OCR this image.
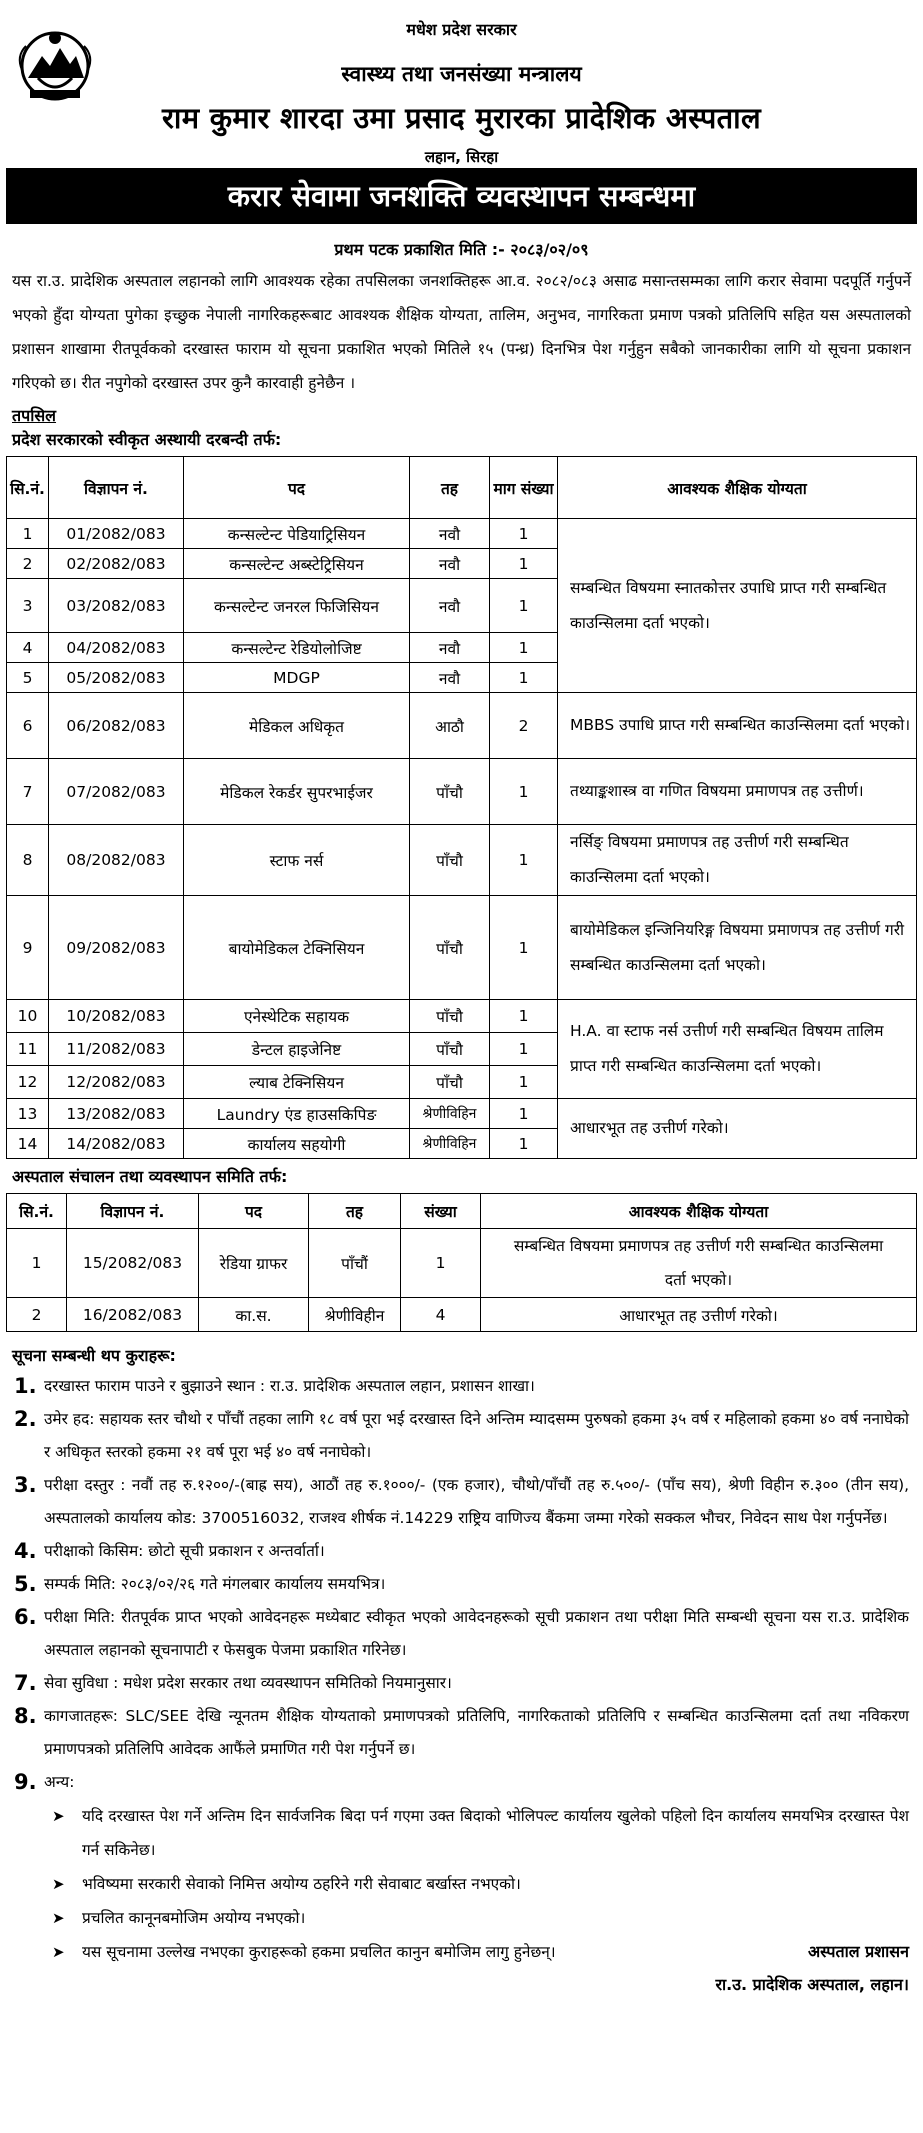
मधेश प्रदेश सरकार
स्वास्थ्य तथा जनसंख्या मन्त्रालय
राम कुमार शारदा उमा प्रसाद मुरारका प्रादेशिक अस्पताल
लहान, सिरहा
करार सेवामा जनशक्ति व्यवस्थापन सम्बन्धमा
प्रथम पटक प्रकाशित मिति :- २०८३/०२/०९
यस रा.उ. प्रादेशिक अस्पताल लहानको लागि आवश्यक रहेका तपसिलका जनशक्तिहरू आ.व. २०८२/०८३ असाढ मसान्तसम्मका लागि करार सेवामा पदपूर्ति गर्नुपर्ने भएको हुँदा योग्यता पुगेका इच्छुक नेपाली नागरिकहरूबाट आवश्यक शैक्षिक योग्यता, तालिम, अनुभव, नागरिकता प्रमाण पत्रको प्रतिलिपि सहित यस अस्पतालको प्रशासन शाखामा रीतपूर्वकको दरखास्त फाराम यो सूचना प्रकाशित भएको मितिले १५ (पन्ध्र) दिनभित्र पेश गर्नुहुन सबैको जानकारीका लागि यो सूचना प्रकाशन गरिएको छ। रीत नपुगेको दरखास्त उपर कुनै कारवाही हुनेछैन ।
तपसिल
प्रदेश सरकारको स्वीकृत अस्थायी दरबन्दी तर्फ:
सि.नं.	विज्ञापन नं.	पद	तह	माग संख्या	आवश्यक शैक्षिक योग्यता
1	01/2082/083	कन्सल्टेन्ट पेडियाट्रिसियन	नवौ	1	सम्बन्धित विषयमा स्नातकोत्तर उपाधि प्राप्त गरी सम्बन्धित काउन्सिलमा दर्ता भएको।
2	02/2082/083	कन्सल्टेन्ट अब्स्टेट्रिसियन	नवौ	1	
3	03/2082/083	कन्सल्टेन्ट जनरल फिजिसियन	नवौ	1	
4	04/2082/083	कन्सल्टेन्ट रेडियोलोजिष्ट	नवौ	1	
5	05/2082/083	MDGP	नवौ	1	
6	06/2082/083	मेडिकल अधिकृत	आठौ	2	MBBS उपाधि प्राप्त गरी सम्बन्धित काउन्सिलमा दर्ता भएको।
7	07/2082/083	मेडिकल रेकर्डर सुपरभाईजर	पाँचौ	1	तथ्याङ्कशास्त्र वा गणित विषयमा प्रमाणपत्र तह उत्तीर्ण।
8	08/2082/083	स्टाफ नर्स	पाँचौ	1	नर्सिङ् विषयमा प्रमाणपत्र तह उत्तीर्ण गरी सम्बन्धित काउन्सिलमा दर्ता भएको।
9	09/2082/083	बायोमेडिकल टेक्निसियन	पाँचौ	1	बायोमेडिकल इन्जिनियरिङ्ग विषयमा प्रमाणपत्र तह उत्तीर्ण गरी सम्बन्धित काउन्सिलमा दर्ता भएको।
10	10/2082/083	एनेस्थेटिक सहायक	पाँचौ	1	H.A. वा स्टाफ नर्स उत्तीर्ण गरी सम्बन्धित विषयम तालिम प्राप्त गरी सम्बन्धित काउन्सिलमा दर्ता भएको।
11	11/2082/083	डेन्टल हाइजेनिष्ट	पाँचौ	1	
12	12/2082/083	ल्याब टेक्निसियन	पाँचौ	1	
13	13/2082/083	Laundry एंड हाउसकिपिङ	श्रेणीविहिन	1	आधारभूत तह उत्तीर्ण गरेको।
14	14/2082/083	कार्यालय सहयोगी	श्रेणीविहिन	1	
अस्पताल संचालन तथा व्यवस्थापन समिति तर्फ:
सि.नं.	विज्ञापन नं.	पद	तह	संख्या	आवश्यक शैक्षिक योग्यता
1	15/2082/083	रेडिया ग्राफर	पाँचौं	1	सम्बन्धित विषयमा प्रमाणपत्र तह उत्तीर्ण गरी सम्बन्धित काउन्सिलमा दर्ता भएको।
2	16/2082/083	का.स.	श्रेणीविहीन	4	आधारभूत तह उत्तीर्ण गरेको।
सूचना सम्बन्धी थप कुराहरू:
1. दरखास्त फाराम पाउने र बुझाउने स्थान : रा.उ. प्रादेशिक अस्पताल लहान, प्रशासन शाखा।
2. उमेर हद: सहायक स्तर चौथो र पाँचौं तहका लागि १८ वर्ष पूरा भई दरखास्त दिने अन्तिम म्यादसम्म पुरुषको हकमा ३५ वर्ष र महिलाको हकमा ४० वर्ष ननाघेको र अधिकृत स्तरको हकमा २१ वर्ष पूरा भई ४० वर्ष ननाघेको।
3. परीक्षा दस्तुर : नवौं तह रु.१२००/-(बाह्र सय), आठौं तह रु.१०००/- (एक हजार), चौथो/पाँचौं तह रु.५००/- (पाँच सय), श्रेणी विहीन रु.३०० (तीन सय), अस्पतालको कार्यालय कोड: 3700516032, राजश्व शीर्षक नं.14229 राष्ट्रिय वाणिज्य बैंकमा जम्मा गरेको सक्कल भौचर, निवेदन साथ पेश गर्नुपर्नेछ।
4. परीक्षाको किसिम: छोटो सूची प्रकाशन र अन्तर्वार्ता।
5. सम्पर्क मिति: २०८३/०२/२६ गते मंगलबार कार्यालय समयभित्र।
6. परीक्षा मिति: रीतपूर्वक प्राप्त भएको आवेदनहरू मध्येबाट स्वीकृत भएको आवेदनहरूको सूची प्रकाशन तथा परीक्षा मिति सम्बन्धी सूचना यस रा.उ. प्रादेशिक अस्पताल लहानको सूचनापाटी र फेसबुक पेजमा प्रकाशित गरिनेछ।
7. सेवा सुविधा : मधेश प्रदेश सरकार तथा व्यवस्थापन समितिको नियमानुसार।
8. कागजातहरू: SLC/SEE देखि न्यूनतम शैक्षिक योग्यताको प्रमाणपत्रको प्रतिलिपि, नागरिकताको प्रतिलिपि र सम्बन्धित काउन्सिलमा दर्ता तथा नविकरण प्रमाणपत्रको प्रतिलिपि आवेदक आफैंले प्रमाणित गरी पेश गर्नुपर्ने छ।
9. अन्य:
➤	यदि दरखास्त पेश गर्ने अन्तिम दिन सार्वजनिक बिदा पर्न गएमा उक्त बिदाको भोलिपल्ट कार्यालय खुलेको पहिलो दिन कार्यालय समयभित्र दरखास्त पेश गर्न सकिनेछ।
➤	भविष्यमा सरकारी सेवाको निमित्त अयोग्य ठहरिने गरी सेवाबाट बर्खास्त नभएको।
➤	प्रचलित कानूनबमोजिम अयोग्य नभएको।
➤	यस सूचनामा उल्लेख नभएका कुराहरूको हकमा प्रचलित कानुन बमोजिम लागु हुनेछन्।	अस्पताल प्रशासन
रा.उ. प्रादेशिक अस्पताल, लहान।
